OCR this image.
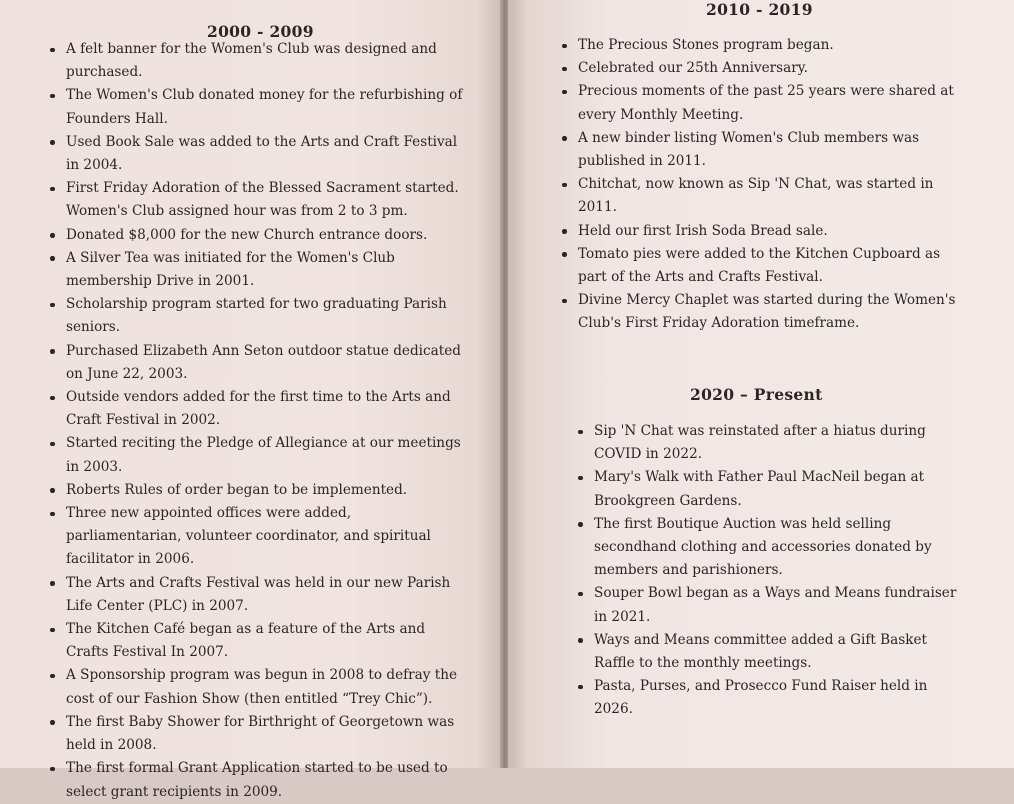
2000 - 2009
A felt banner for the Women's Club was designed and purchased.
The Women's Club donated money for the refurbishing of Founders Hall.
Used Book Sale was added to the Arts and Craft Festival in 2004.
First Friday Adoration of the Blessed Sacrament started. Women's Club assigned hour was from 2 to 3 pm.
Donated $8,000 for the new Church entrance doors.
A Silver Tea was initiated for the Women's Club membership Drive in 2001.
Scholarship program started for two graduating Parish seniors.
Purchased Elizabeth Ann Seton outdoor statue dedicated on June 22, 2003.
Outside vendors added for the first time to the Arts and Craft Festival in 2002.
Started reciting the Pledge of Allegiance at our meetings in 2003.
Roberts Rules of order began to be implemented.
Three new appointed offices were added, parliamentarian, volunteer coordinator, and spiritual facilitator in 2006.
The Arts and Crafts Festival was held in our new Parish Life Center (PLC) in 2007.
The Kitchen Café began as a feature of the Arts and Crafts Festival In 2007.
A Sponsorship program was begun in 2008 to defray the cost of our Fashion Show (then entitled “Trey Chic”).
The first Baby Shower for Birthright of Georgetown was held in 2008.
The first formal Grant Application started to be used to select grant recipients in 2009.
2010 - 2019
The Precious Stones program began.
Celebrated our 25th Anniversary.
Precious moments of the past 25 years were shared at every Monthly Meeting.
A new binder listing Women's Club members was published in 2011.
Chitchat, now known as Sip 'N Chat, was started in 2011.
Held our first Irish Soda Bread sale.
Tomato pies were added to the Kitchen Cupboard as part of the Arts and Crafts Festival.
Divine Mercy Chaplet was started during the Women's Club's First Friday Adoration timeframe.
2020 – Present
Sip 'N Chat was reinstated after a hiatus during COVID in 2022.
Mary's Walk with Father Paul MacNeil began at Brookgreen Gardens.
The first Boutique Auction was held selling secondhand clothing and accessories donated by members and parishioners.
Souper Bowl began as a Ways and Means fundraiser in 2021.
Ways and Means committee added a Gift Basket Raffle to the monthly meetings.
Pasta, Purses, and Prosecco Fund Raiser held in 2026.
